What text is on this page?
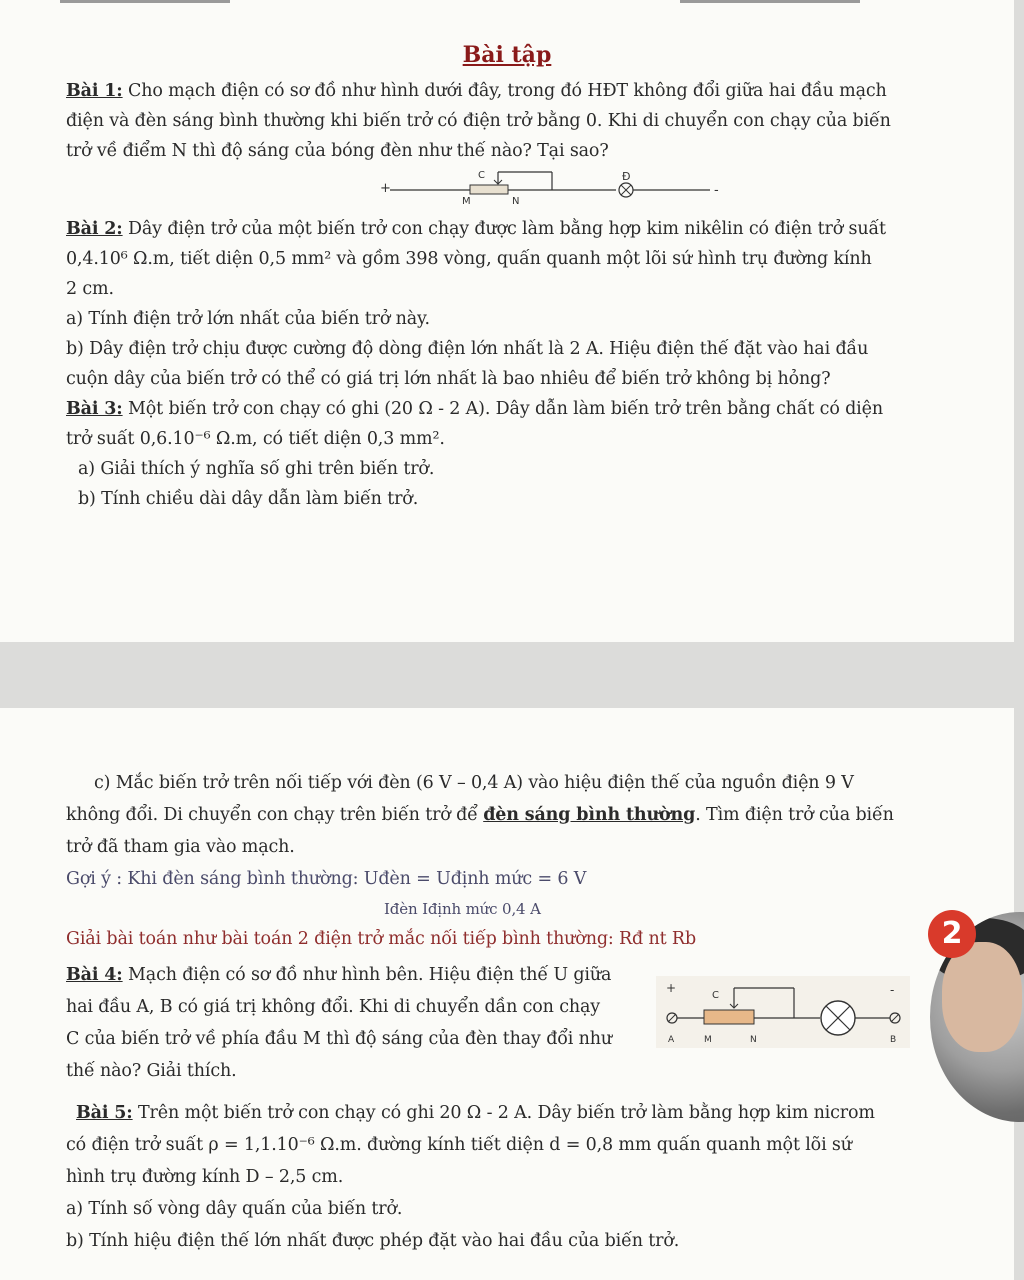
Bài tập
Bài 1: Cho mạch điện có sơ đồ như hình dưới đây, trong đó HĐT không đổi giữa hai đầu mạch
điện và đèn sáng bình thường khi biến trở có điện trở bằng 0. Khi di chuyển con chạy của biến
trở về điểm N thì độ sáng của bóng đèn như thế nào? Tại sao?
+
M	N
C	Đ
-
Bài 2: Dây điện trở của một biến trở con chạy được làm bằng hợp kim nikêlin có điện trở suất
0,4.10⁶ Ω.m, tiết diện 0,5 mm² và gồm 398 vòng, quấn quanh một lõi sứ hình trụ đường kính
2 cm.
a) Tính điện trở lớn nhất của biến trở này.
b) Dây điện trở chịu được cường độ dòng điện lớn nhất là 2 A. Hiệu điện thế đặt vào hai đầu
cuộn dây của biến trở có thể có giá trị lớn nhất là bao nhiêu để biến trở không bị hỏng?
Bài 3: Một biến trở con chạy có ghi (20 Ω - 2 A). Dây dẫn làm biến trở trên bằng chất có diện
trở suất 0,6.10⁻⁶ Ω.m, có tiết diện 0,3 mm².
a) Giải thích ý nghĩa số ghi trên biến trở.
b) Tính chiều dài dây dẫn làm biến trở.
c) Mắc biến trở trên nối tiếp với đèn (6 V – 0,4 A) vào hiệu điện thế của nguồn điện 9 V
không đổi. Di chuyển con chạy trên biến trở để đèn sáng bình thường. Tìm điện trở của biến
trở đã tham gia vào mạch.
Gợi ý : Khi đèn sáng bình thường: Uđèn = Uđịnh mức = 6 V
Iđèn Iđịnh mức 0,4 A
Giải bài toán như bài toán 2 điện trở mắc nối tiếp bình thường: Rđ nt Rb
Bài 4: Mạch điện có sơ đồ như hình bên. Hiệu điện thế U giữa
hai đầu A, B có giá trị không đổi. Khi di chuyển dần con chạy
C của biến trở về phía đầu M thì độ sáng của đèn thay đổi như
thế nào? Giải thích.
+	-
C
A	M	N	B
Bài 5: Trên một biến trở con chạy có ghi 20 Ω - 2 A. Dây biến trở làm bằng hợp kim nicrom
có điện trở suất ρ = 1,1.10⁻⁶ Ω.m. đường kính tiết diện d = 0,8 mm quấn quanh một lõi sứ
hình trụ đường kính D – 2,5 cm.
a) Tính số vòng dây quấn của biến trở.
b) Tính hiệu điện thế lớn nhất được phép đặt vào hai đầu của biến trở.
2
